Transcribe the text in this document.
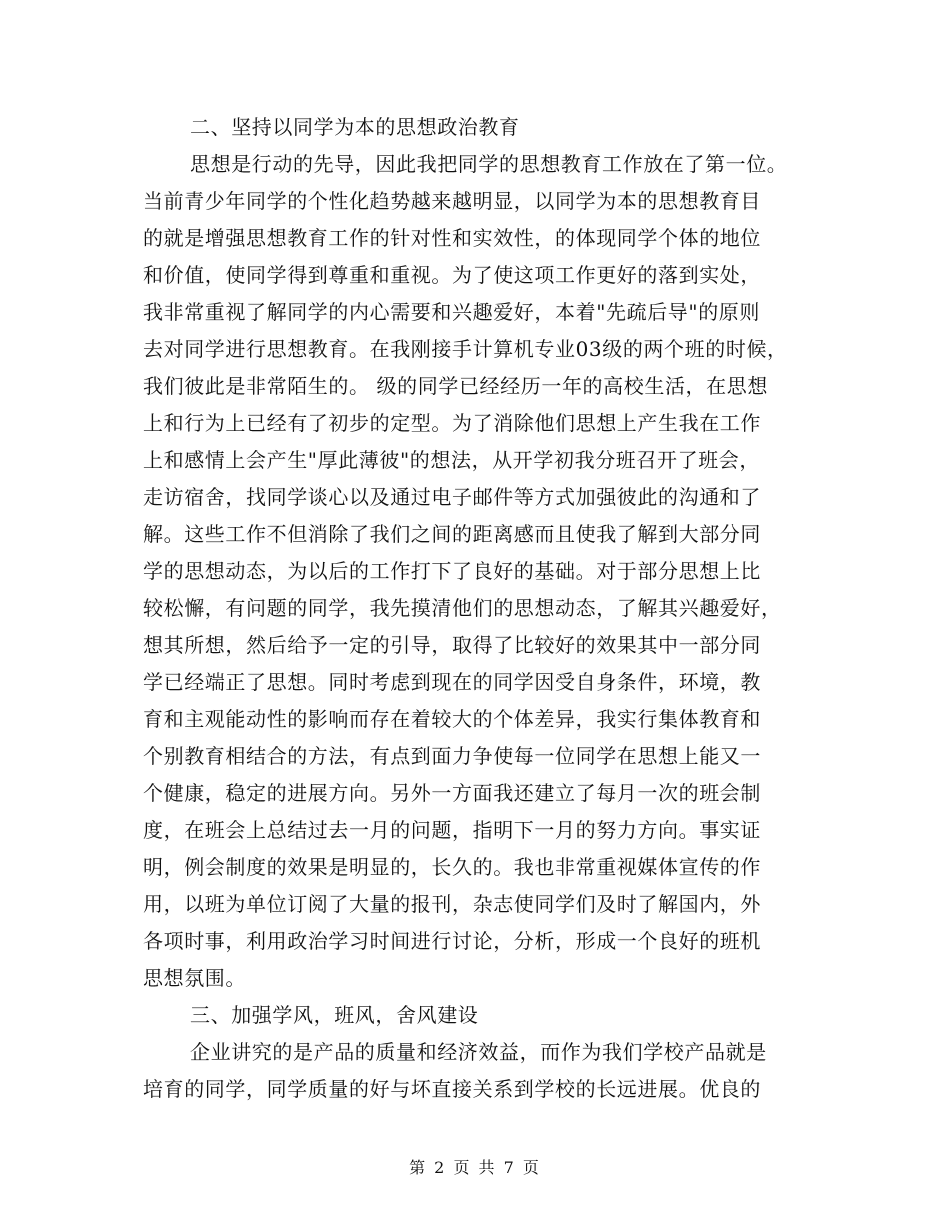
二、坚持以同学为本的思想政治教育
思想是行动的先导，因此我把同学的思想教育工作放在了第一位。
当前青少年同学的个性化趋势越来越明显，以同学为本的思想教育目
的就是增强思想教育工作的针对性和实效性，的体现同学个体的地位
和价值，使同学得到尊重和重视。为了使这项工作更好的落到实处，
我非常重视了解同学的内心需要和兴趣爱好，本着"先疏后导"的原则
去对同学进行思想教育。在我刚接手计算机专业03级的两个班的时候，
我们彼此是非常陌生的。 级的同学已经经历一年的高校生活，在思想
上和行为上已经有了初步的定型。为了消除他们思想上产生我在工作
上和感情上会产生"厚此薄彼"的想法，从开学初我分班召开了班会，
走访宿舍，找同学谈心以及通过电子邮件等方式加强彼此的沟通和了
解。这些工作不但消除了我们之间的距离感而且使我了解到大部分同
学的思想动态，为以后的工作打下了良好的基础。对于部分思想上比
较松懈，有问题的同学，我先摸清他们的思想动态，了解其兴趣爱好，
想其所想，然后给予一定的引导，取得了比较好的效果其中一部分同
学已经端正了思想。同时考虑到现在的同学因受自身条件，环境，教
育和主观能动性的影响而存在着较大的个体差异，我实行集体教育和
个别教育相结合的方法，有点到面力争使每一位同学在思想上能又一
个健康，稳定的进展方向。另外一方面我还建立了每月一次的班会制
度，在班会上总结过去一月的问题，指明下一月的努力方向。事实证
明，例会制度的效果是明显的，长久的。我也非常重视媒体宣传的作
用，以班为单位订阅了大量的报刊，杂志使同学们及时了解国内，外
各项时事，利用政治学习时间进行讨论，分析，形成一个良好的班机
思想氛围。
三、加强学风，班风，舍风建设
企业讲究的是产品的质量和经济效益，而作为我们学校产品就是
培育的同学，同学质量的好与坏直接关系到学校的长远进展。优良的
第 2 页 共 7 页
